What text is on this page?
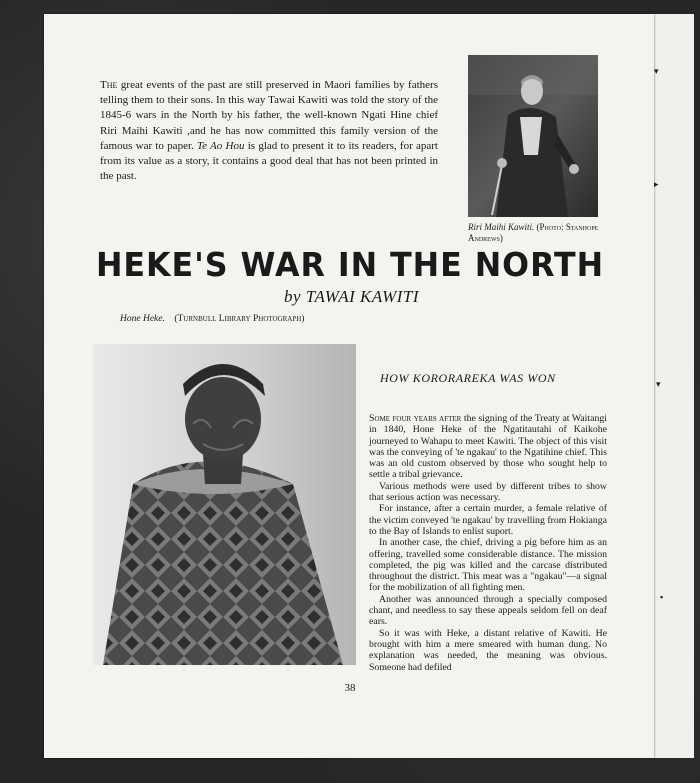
▾
▸
▾
▪
The great events of the past are still preserved in Maori families by fathers telling them to their sons. In this way Tawai Kawiti was told the story of the 1845-6 wars in the North by his father, the well-known Ngati Hine chief Riri Maihi Kawiti ,and he has now committed this family version of the famous war to paper. Te Ao Hou is glad to present it to its readers, for apart from its value as a story, it contains a good deal that has not been printed in the past.
Riri Maihi Kawiti. (Photo: Stanhope Andrews)
HEKE'S WAR IN THE NORTH
by TAWAI KAWITI
Hone Heke. (Turnbull Library Photograph)
HOW KORORAREKA WAS WON

Some four years after the signing of the Treaty at Waitangi in 1840, Hone Heke of the Ngatitautahi of Kaikohe journeyed to Wahapu to meet Kawiti. The object of this visit was the conveying of 'te ngakau' to the Ngatihine chief. This was an old custom observed by those who sought help to settle a tribal grievance.

Various methods were used by different tribes to show that serious action was necessary.

For instance, after a certain murder, a female relative of the victim conveyed 'te ngakau' by travelling from Hokianga to the Bay of Islands to enlist suport.

In another case, the chief, driving a pig before him as an offering, travelled some considerable distance. The mission completed, the pig was killed and the carcase distributed throughout the district. This meat was a "ngakau"—a signal for the mobilization of all fighting men.

Another was announced through a specially composed chant, and needless to say these appeals seldom fell on deaf ears.

So it was with Heke, a distant relative of Kawiti. He brought with him a mere smeared with human dung. No explanation was needed, the meaning was obvious. Someone had defiled

38
